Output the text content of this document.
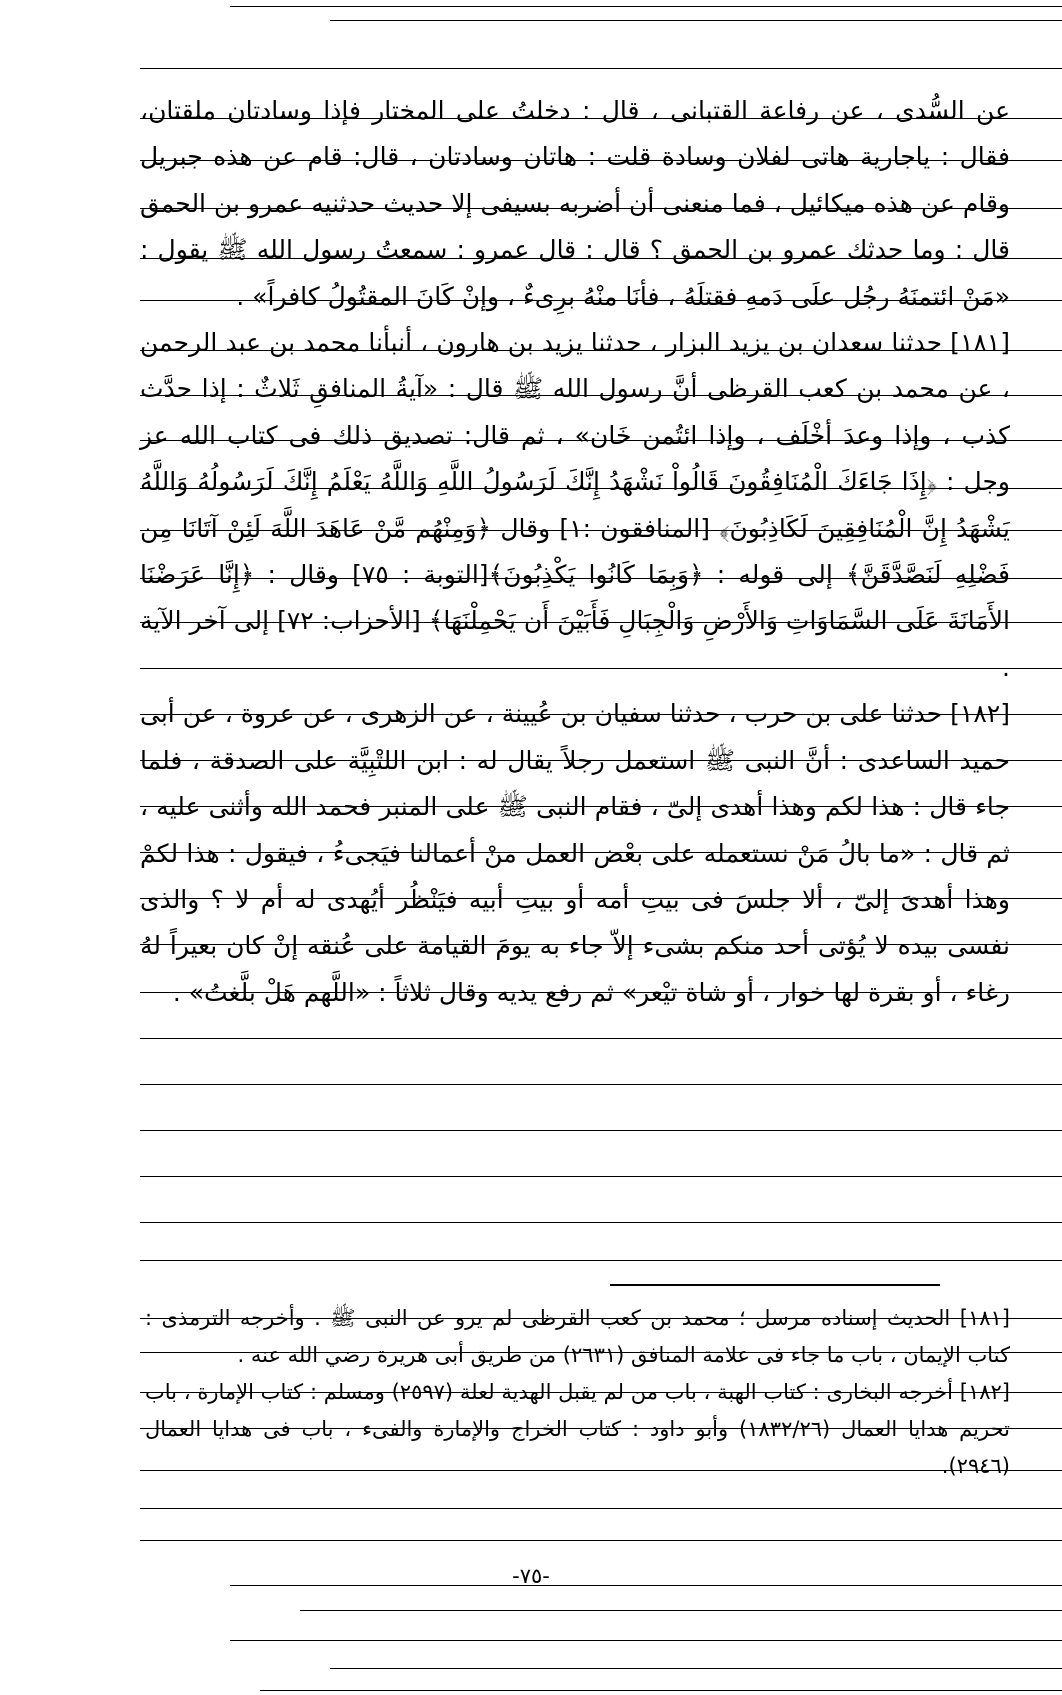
عن السُّدى ، عن رفاعة القتبانى ، قال : دخلتُ على المختار فإذا وسادتان ملقتان، فقال : ياجارية هاتى لفلان وسادة قلت : هاتان وسادتان ، قال: قام عن هذه جبريل وقام عن هذه ميكائيل ، فما منعنى أن أضربه بسيفى إلا حديث حدثنيه عمرو بن الحمق قال : وما حدثك عمرو بن الحمق ؟ قال : قال عمرو : سمعتُ رسول الله ﷺ يقول : «مَنْ ائتمنَهُ رجُل علَى دَمهِ فقتلَهُ ، فأنَا منْهُ برِىءٌ ، وإنْ كَانَ المقتُولُ كافراً» .

[١٨١] حدثنا سعدان بن يزيد البزار ، حدثنا يزيد بن هارون ، أنبأنا محمد بن عبد الرحمن ، عن محمد بن كعب القرظى أنَّ رسول الله ﷺ قال : «آيةُ المنافقِ ثَلاثٌ : إذا حدَّث كذب ، وإذا وعدَ أخْلَف ، وإذا ائتُمن خَان» ، ثم قال: تصديق ذلك فى كتاب الله عز وجل : ﴿إِذَا جَاءَكَ الْمُنَافِقُونَ قَالُواْ نَشْهَدُ إِنَّكَ لَرَسُولُ اللَّهِ وَاللَّهُ يَعْلَمُ إِنَّكَ لَرَسُولُهُ وَاللَّهُ يَشْهَدُ إِنَّ الْمُنَافِقِينَ لَكَاذِبُونَ﴾ [المنافقون :١] وقال ﴿وَمِنْهُم مَّنْ عَاهَدَ اللَّهَ لَئِنْ آتَانَا مِن فَضْلِهِ لَنَصَّدَّقَنَّ﴾ إلى قوله : ﴿وَبِمَا كَانُوا يَكْذِبُونَ﴾[التوبة : ٧٥] وقال : ﴿إِنَّا عَرَضْنَا الأَمَانَةَ عَلَى السَّمَاوَاتِ وَالأَرْضِ وَالْجِبَالِ فَأَبَيْنَ أَن يَحْمِلْنَهَا﴾ [الأحزاب: ٧٢] إلى آخر الآية .

[١٨٢] حدثنا على بن حرب ، حدثنا سفيان بن عُيينة ، عن الزهرى ، عن عروة ، عن أبى حميد الساعدى : أنَّ النبى ﷺ استعمل رجلاً يقال له : ابن اللتْبِيَّة على الصدقة ، فلما جاء قال : هذا لكم وهذا أهدى إلىّ ، فقام النبى ﷺ على المنبر فحمد الله وأثنى عليه ، ثم قال : «ما بالُ مَنْ نستعمله على بعْض العمل منْ أعمالنا فيَجىءُ ، فيقول : هذا لكمْ وهذا أهدىَ إلىّ ، ألا جلسَ فى بيتِ أمه أو بيتِ أبيه فيَنْظُر أيُهدى له أم لا ؟ والذى نفسى بيده لا يُؤتى أحد منكم بشىء إلاّ جاء به يومَ القيامة على عُنقه إنْ كان بعيراً لهُ رغاء ، أو بقرة لها خوار ، أو شاة تيْعر» ثم رفع يديه وقال ثلاثاً : «اللَّهم هَلْ بلَّغتُ» .

[١٨١] الحديث إسناده مرسل ؛ محمد بن كعب القرظى لم يرو عن النبى ﷺ . وأخرجه الترمذى : كتاب الإيمان ، باب ما جاء فى علامة المنافق (٢٦٣١) من طريق أبى هريرة رضي الله عنه .

[١٨٢] أخرجه البخارى : كتاب الهبة ، باب من لم يقبل الهدية لعلة (٢٥٩٧) ومسلم : كتاب الإمارة ، باب تحريم هدايا العمال (١٨٣٢/٢٦) وأبو داود : كتاب الخراج والإمارة والفىء ، باب فى هدايا العمال (٢٩٤٦).

-٧٥-
